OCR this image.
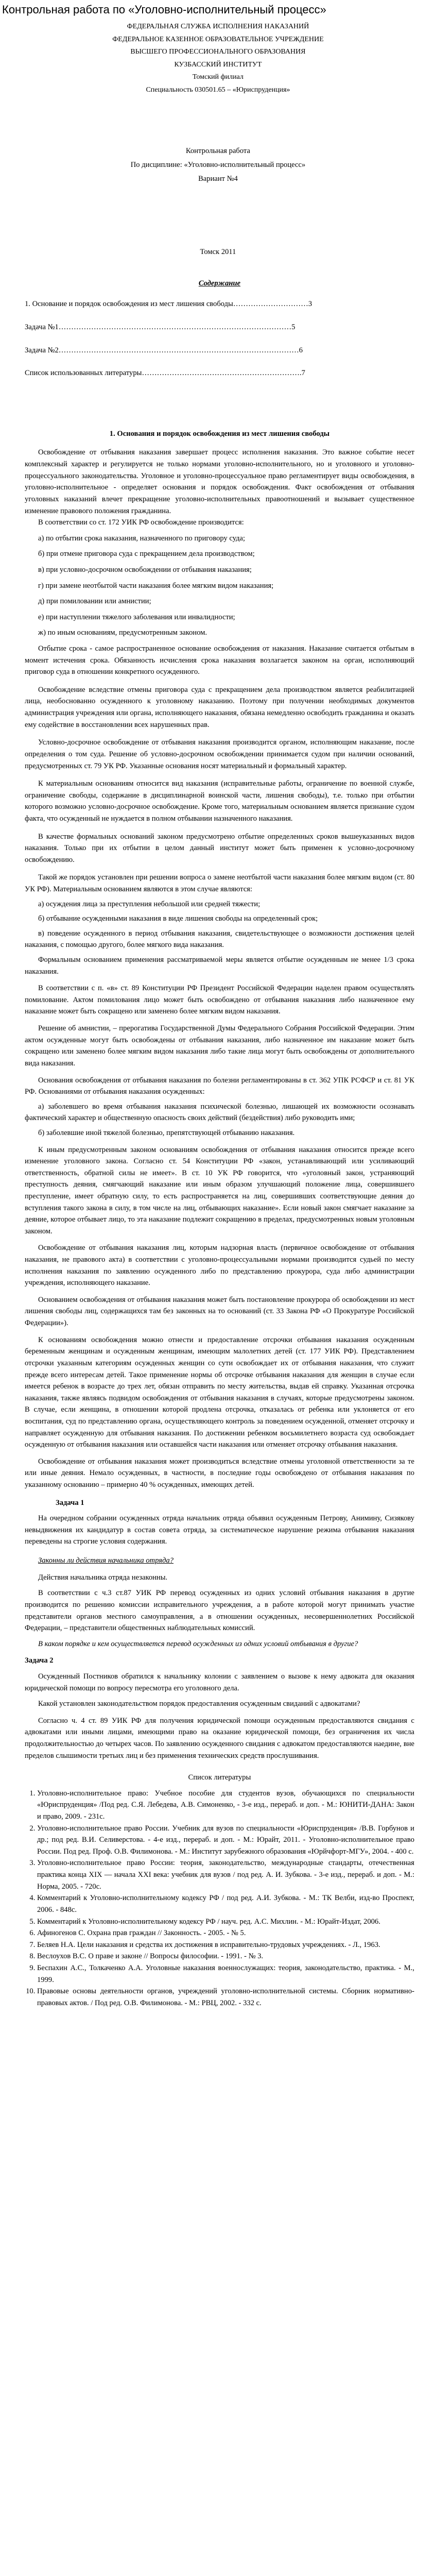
Контрольная работа по «Уголовно-исполнительный процесс»
ФЕДЕРАЛЬНАЯ СЛУЖБА ИСПОЛНЕНИЯ НАКАЗАНИЙ
ФЕДЕРАЛЬНОЕ КАЗЕННОЕ ОБРАЗОВАТЕЛЬНОЕ УЧРЕЖДЕНИЕ
ВЫСШЕГО ПРОФЕССИОНАЛЬНОГО ОБРАЗОВАНИЯ
КУЗБАССКИЙ ИНСТИТУТ
Томский филиал
Специальность 030501.65 – «Юриспруденция»
Контрольная работа
По дисциплине: «Уголовно-исполнительный процесс»
Вариант №4
Томск 2011
Содержание
1. Основание и порядок освобождения из мест лишения свободы ………………………… 3
Задача №1 ………………………………………………………………………………… 5
Задача №2 …………………………………………………………………………………… 6
Список использованных литературы ………………………………………………………. 7
1. Основания и порядок освобождения из мест лишения свободы

Освобождение от отбывания наказания завершает процесс исполнения наказания. Это важное событие несет комплексный характер и регулируется не только нормами уголовно-исполнительного, но и уголовного и уголовно-процессуального законодательства. Уголовное и уголовно-процессуальное право регламентирует виды освобождения, в уголовно-исполнительное - определяет основания и порядок освобождения. Факт освобождения от отбывания уголовных наказаний влечет прекращение уголовно-исполнительных правоотношений и вызывает существенное изменение правового положения гражданина.

В соответствии со ст. 172 УИК РФ освобождение производится:

а) по отбытии срока наказания, назначенного по приговору суда;

б) при отмене приговора суда с прекращением дела производством;

в) при условно-досрочном освобождении от отбывания наказания;

г) при замене неотбытой части наказания более мягким видом наказания;

д) при помиловании или амнистии;

е) при наступлении тяжелого заболевания или инвалидности;

ж) по иным основаниям, предусмотренным законом.

Отбытие срока - самое распространенное основание освобождения от наказания. Наказание считается отбытым в момент истечения срока. Обязанность исчисления срока наказания возлагается законом на орган, исполняющий приговор суда в отношении конкретного осужденного.

Освобождение вследствие отмены приговора суда с прекращением дела производством является реабилитацией лица, необоснованно осужденного к уголовному наказанию. Поэтому при получении необходимых документов администрация учреждения или органа, исполняющего наказания, обязана немедленно освободить гражданина и оказать ему содействие в восстановлении всех нарушенных прав.

Условно-досрочное освобождение от отбывания наказания производится органом, исполняющим наказание, после определения о том суда. Решение об условно-досрочном освобождении принимается судом при наличии оснований, предусмотренных ст. 79 УК РФ. Указанные основания носят материальный и формальный характер.

К материальным основаниям относится вид наказания (исправительные работы, ограничение по военной службе, ограничение свободы, содержание в дисциплинарной воинской части, лишения свободы), т.е. только при отбытии которого возможно условно-досрочное освобождение. Кроме того, материальным основанием является признание судом факта, что осужденный не нуждается в полном отбывании назначенного наказания.

В качестве формальных оснований законом предусмотрено отбытие определенных сроков вышеуказанных видов наказания. Только при их отбытии в целом данный институт может быть применен к условно-досрочному освобождению.

Такой же порядок установлен при решении вопроса о замене неотбытой части наказания более мягким видом (ст. 80 УК РФ). Материальным основанием являются в этом случае являются:

а) осуждения лица за преступления небольшой или средней тяжести;

б) отбывание осужденными наказания в виде лишения свободы на определенный срок;

в) поведение осужденного в период отбывания наказания, свидетельствующее о возможности достижения целей наказания, с помощью другого, более мягкого вида наказания.

Формальным основанием применения рассматриваемой меры является отбытие осужденным не менее 1/3 срока наказания.

В соответствии с п. «в» ст. 89 Конституции РФ Президент Российской Федерации наделен правом осуществлять помилование. Актом помилования лицо может быть освобождено от отбывания наказания либо назначенное ему наказание может быть сокращено или заменено более мягким видом наказания.

Решение об амнистии, – прерогатива Государственной Думы Федерального Собрания Российской Федерации. Этим актом осужденные могут быть освобождены от отбывания наказания, либо назначенное им наказание может быть сокращено или заменено более мягким видом наказания либо такие лица могут быть освобождены от дополнительного вида наказания.

Основания освобождения от отбывания наказания по болезни регламентированы в ст. 362 УПК РСФСР и ст. 81 УК РФ. Основаниями от отбывания наказания осужденных:

а) заболевшего во время отбывания наказания психической болезнью, лишающей их возможности осознавать фактический характер и общественную опасность своих действий (бездействия) либо руководить ими;

б) заболевшие иной тяжелой болезнью, препятствующей отбыванию наказания.

К иным предусмотренным законом основаниям освобождения от отбывания наказания относится прежде всего изменение уголовного закона. Согласно ст. 54 Конституции РФ «закон, устанавливающий или усиливающий ответственность, обратной силы не имеет». В ст. 10 УК РФ говорится, что «уголовный закон, устраняющий преступность деяния, смягчающий наказание или иным образом улучшающий положение лица, совершившего преступление, имеет обратную силу, то есть распространяется на лиц, совершивших соответствующие деяния до вступления такого закона в силу, в том числе на лиц, отбывающих наказание». Если новый закон смягчает наказание за деяние, которое отбывает лицо, то эта наказание подлежит сокращению в пределах, предусмотренных новым уголовным законом.

Освобождение от отбывания наказания лиц, которым надзорная власть (первичное освобождение от отбывания наказания, не правового акта) в соответствии с уголовно-процессуальными нормами производится судьей по месту исполнения наказания по заявлению осужденного либо по представлению прокурора, суда либо администрации учреждения, исполняющего наказание.

Основанием освобождения от отбывания наказания может быть постановление прокурора об освобождении из мест лишения свободы лиц, содержащихся там без законных на то оснований (ст. 33 Закона РФ «О Прокуратуре Российской Федерации»).

К основаниям освобождения можно отнести и предоставление отсрочки отбывания наказания осужденным беременным женщинам и осужденным женщинам, имеющим малолетних детей (ст. 177 УИК РФ). Представлением отсрочки указанным категориям осужденных женщин со сути освобождает их от отбывания наказания, что служит прежде всего интересам детей. Такое применение нормы об отсрочке отбывания наказания для женщин в случае если имеется ребенок в возрасте до трех лет, обязан отправить по месту жительства, выдав ей справку. Указанная отсрочка наказания, также являясь подвидом освобождения от отбывания наказания в случаях, которые предусмотрены законом. В случае, если женщина, в отношении которой продлена отсрочка, отказалась от ребенка или уклоняется от его воспитания, суд по представлению органа, осуществляющего контроль за поведением осужденной, отменяет отсрочку и направляет осужденную для отбывания наказания. По достижении ребенком восьмилетнего возраста суд освобождает осужденную от отбывания наказания или оставшейся части наказания или отменяет отсрочку отбывания наказания.

Освобождение от отбывания наказания может производиться вследствие отмены уголовной ответственности за те или иные деяния. Немало осужденных, в частности, в последние годы освобождено от отбывания наказания по указанному основанию – примерно 40 % осужденных, имеющих детей.

Задача 1

На очередном собрании осужденных отряда начальник отряда объявил осужденным Петрову, Анимину, Сизякову невыдвижения их кандидатур в состав совета отряда, за систематическое нарушение режима отбывания наказания переведены на строгие условия содержания.

Законны ли действия начальника отряда?

Действия начальника отряда незаконны.

В соответствии с ч.3 ст.87 УИК РФ перевод осужденных из одних условий отбывания наказания в другие производится по решению комиссии исправительного учреждения, а в работе которой могут принимать участие представители органов местного самоуправления, а в отношении осужденных, несовершеннолетних Российской Федерации, – представители общественных наблюдательных комиссий.

В каком порядке и кем осуществляется перевод осужденных из одних условий отбывания в другие?

Задача 2

Осужденный Постников обратился к начальнику колонии с заявлением о вызове к нему адвоката для оказания юридической помощи по вопросу пересмотра его уголовного дела.

Какой установлен законодательством порядок предоставления осужденным свиданий с адвокатами?

Согласно ч. 4 ст. 89 УИК РФ для получения юридической помощи осужденным предоставляются свидания с адвокатами или иными лицами, имеющими право на оказание юридической помощи, без ограничения их числа продолжительностью до четырех часов. По заявлению осужденного свидания с адвокатом предоставляются наедине, вне пределов слышимости третьих лиц и без применения технических средств прослушивания.

Список литературы
1. Уголовно-исполнительное право: Учебное пособие для студентов вузов, обучающихся по специальности «Юриспруденция» /Под ред. С.Я. Лебедева, А.В. Симоненко, - 3-е изд., перераб. и доп. - М.: ЮНИТИ-ДАНА: Закон и право, 2009. - 231с.
2. Уголовно-исполнительное право России. Учебник для вузов по специальности «Юриспруденция» /В.В. Горбунов и др.; под ред. В.И. Селиверстова. - 4-е изд., перераб. и доп. - М.: Юрайт, 2011. - Уголовно-исполнительное право России. Под ред. Проф. О.В. Филимонова. - М.: Институт зарубежного образования «Юрйчфорт-МГУ», 2004. - 400 с.
3. Уголовно-исполнительное право России: теория, законодательство, международные стандарты, отечественная практика конца XIX — начала XXI века: учебник для вузов / под ред. А. И. Зубкова. - 3-е изд., перераб. и доп. - М.: Норма, 2005. - 720с.
4. Комментарий к Уголовно-исполнительному кодексу РФ / под ред. А.И. Зубкова. - М.: ТК Велби, изд-во Проспект, 2006. - 848с.
5. Комментарий к Уголовно-исполнительному кодексу РФ / науч. ред. А.С. Михлин. - М.: Юрайт-Издат, 2006.
6. Афиногенов С. Охрана прав граждан // Законность. - 2005. - № 5.
7. Беляев Н.А. Цели наказания и средства их достижения в исправительно-трудовых учреждениях. - Л., 1963.
8. Веслоухов В.С. О праве и законе // Вопросы философии. - 1991. - № 3.
9. Беспахин А.С., Толкаченко А.А. Уголовные наказания военнослужащих: теория, законодательство, практика. - М., 1999.
10. Правовые основы деятельности органов, учреждений уголовно-исполнительной системы. Сборник нормативно-правовых актов. / Под ред. О.В. Филимонова. - М.: РВЦ, 2002. - 332 с.
